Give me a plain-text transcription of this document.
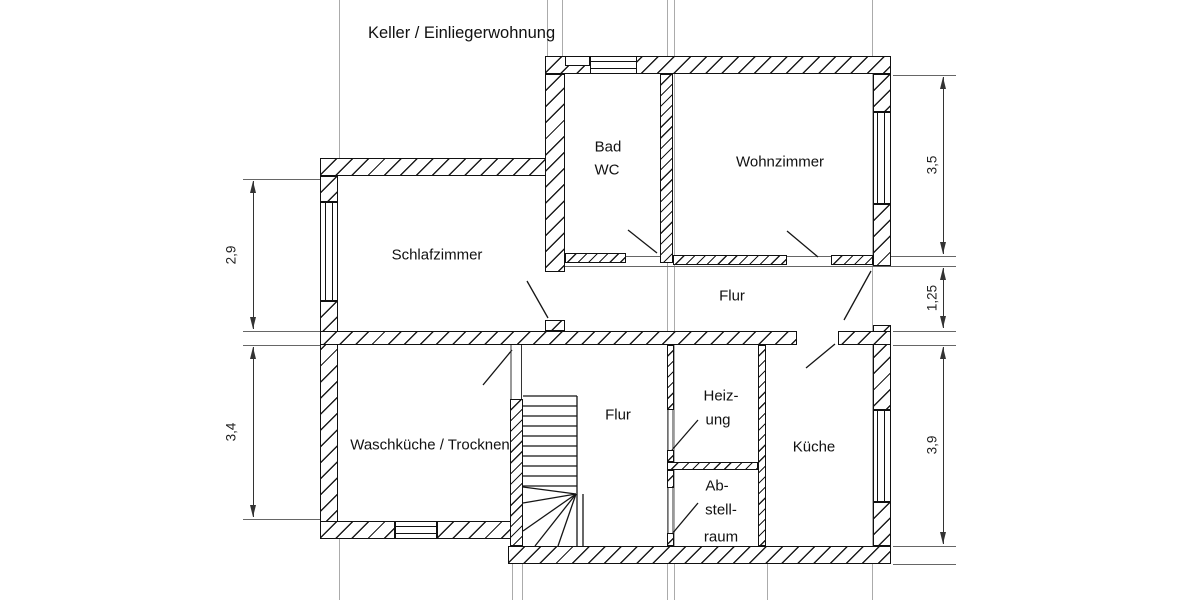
2,9
3,4
3,5
1,25
3,9
Keller / Einliegerwohnung
Bad
WC	Wohnzimmer
Schlafzimmer
Flur
Waschküche / Trocknen
Flur
Heiz-
ung
Ab-
stell-
raum
Küche
